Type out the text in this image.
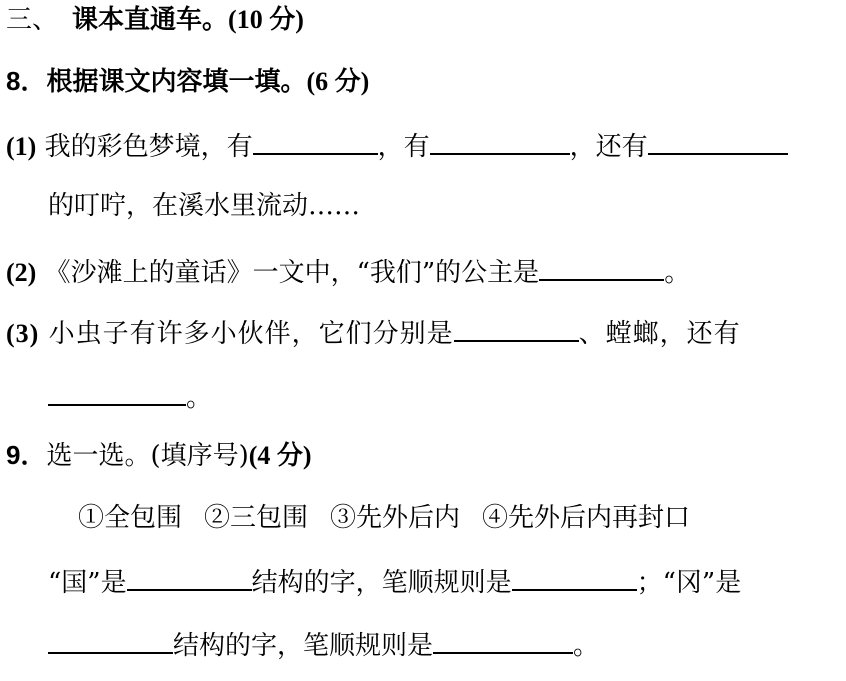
三、 课本直通车。(10 分)
8．根据课文内容填一填。(6 分)
(1) 我的彩色梦境，有	，有	，还有
的叮咛，在溪水里流动……
(2) 《沙滩上的童话》一文中，“我们”的公主是	。
(3) 小虫子有许多小伙伴，它们分别是	、螳螂，还有
。
9．选一选。(填序号)(4 分)
①全包围 ②三包围 ③先外后内 ④先外后内再封口
“国”是	结构的字，笔顺规则是	；“冈”是
结构的字，笔顺规则是	。
